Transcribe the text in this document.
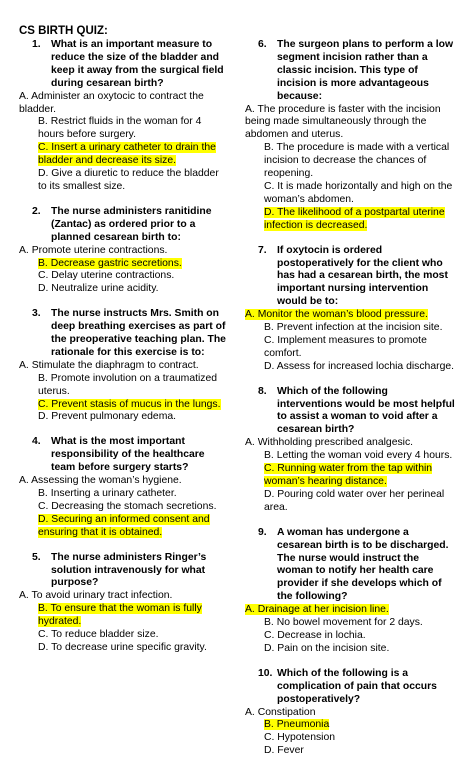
CS BIRTH QUIZ:
1. What is an important measure to reduce the size of the bladder and keep it away from the surgical field during cesarean birth?
A. Administer an oxytocic to contract the bladder.
B. Restrict fluids in the woman for 4 hours before surgery.
C. Insert a urinary catheter to drain the bladder and decrease its size.
D. Give a diuretic to reduce the bladder to its smallest size.
2. The nurse administers ranitidine (Zantac) as ordered prior to a planned cesarean birth to:
A. Promote uterine contractions.
B. Decrease gastric secretions.
C. Delay uterine contractions.
D. Neutralize urine acidity.
3. The nurse instructs Mrs. Smith on deep breathing exercises as part of the preoperative teaching plan. The rationale for this exercise is to:
A. Stimulate the diaphragm to contract.
B. Promote involution on a traumatized uterus.
C. Prevent stasis of mucus in the lungs.
D. Prevent pulmonary edema.
4. What is the most important responsibility of the healthcare team before surgery starts?
A. Assessing the woman’s hygiene.
B. Inserting a urinary catheter.
C. Decreasing the stomach secretions.
D. Securing an informed consent and ensuring that it is obtained.
5. The nurse administers Ringer’s solution intravenously for what purpose?
A. To avoid urinary tract infection.
B. To ensure that the woman is fully hydrated.
C. To reduce bladder size.
D. To decrease urine specific gravity.
6. The surgeon plans to perform a low segment incision rather than a classic incision. This type of incision is more advantageous because:
A. The procedure is faster with the incision being made simultaneously through the abdomen and uterus.
B. The procedure is made with a vertical incision to decrease the chances of reopening.
C. It is made horizontally and high on the woman’s abdomen.
D. The likelihood of a postpartal uterine infection is decreased.
7. If oxytocin is ordered postoperatively for the client who has had a cesarean birth, the most important nursing intervention would be to:
A. Monitor the woman’s blood pressure.
B. Prevent infection at the incision site.
C. Implement measures to promote comfort.
D. Assess for increased lochia discharge.
8. Which of the following interventions would be most helpful to assist a woman to void after a cesarean birth?
A. Withholding prescribed analgesic.
B. Letting the woman void every 4 hours.
C. Running water from the tap within woman’s hearing distance.
D. Pouring cold water over her perineal area.
9. A woman has undergone a cesarean birth is to be discharged. The nurse would instruct the woman to notify her health care provider if she develops which of the following?
A. Drainage at her incision line.
B. No bowel movement for 2 days.
C. Decrease in lochia.
D. Pain on the incision site.
10. Which of the following is a complication of pain that occurs postoperatively?
A. Constipation
B. Pneumonia
C. Hypotension
D. Fever
